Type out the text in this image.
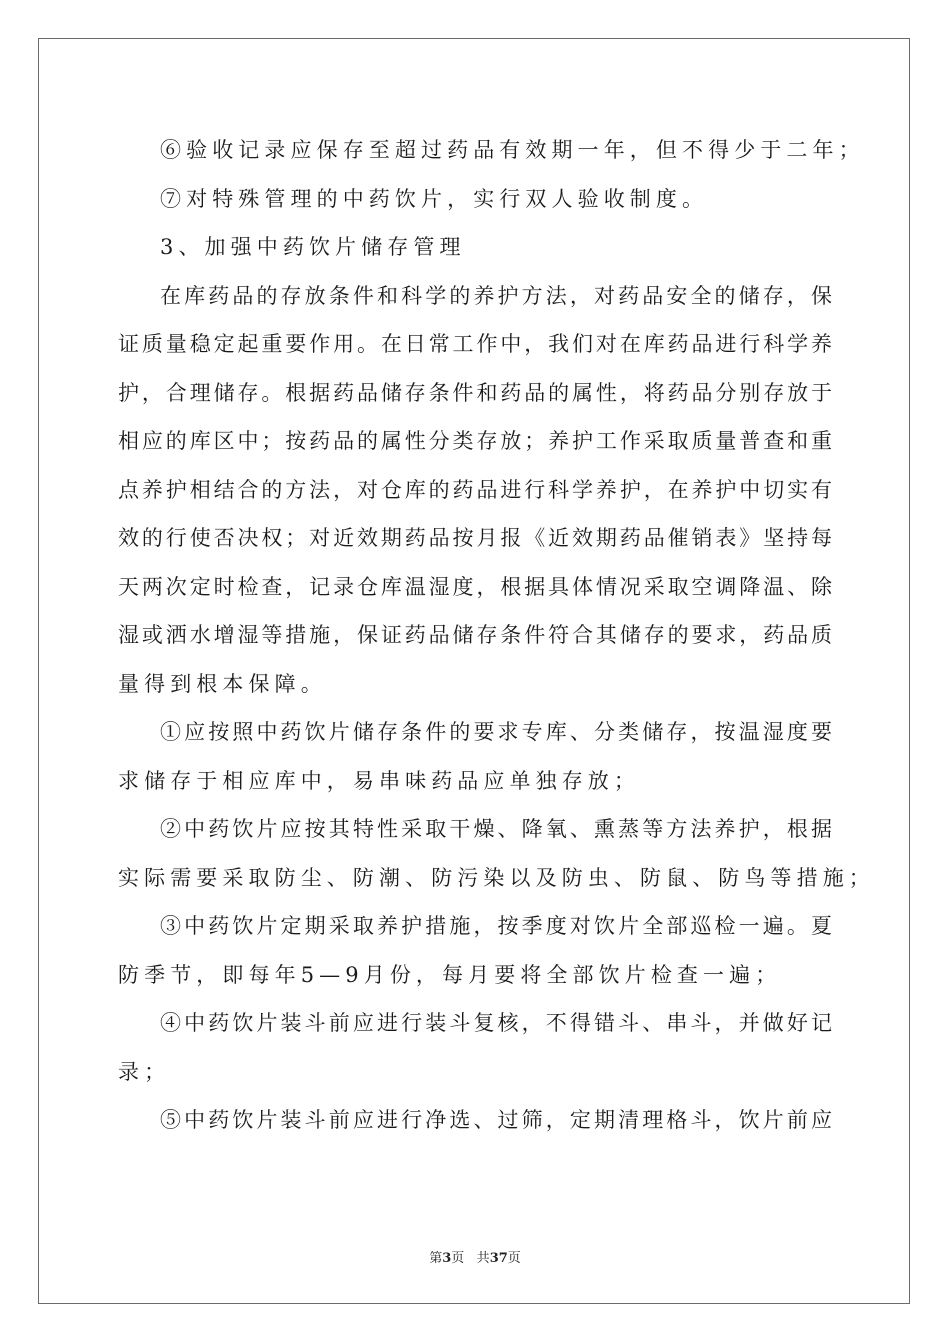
⑥验收记录应保存至超过药品有效期一年，但不得少于二年；
⑦对特殊管理的中药饮片，实行双人验收制度。
3、加强中药饮片储存管理
在库药品的存放条件和科学的养护方法，对药品安全的储存，保
证质量稳定起重要作用。在日常工作中，我们对在库药品进行科学养
护，合理储存。根据药品储存条件和药品的属性，将药品分别存放于
相应的库区中；按药品的属性分类存放；养护工作采取质量普查和重
点养护相结合的方法，对仓库的药品进行科学养护，在养护中切实有
效的行使否决权；对近效期药品按月报《近效期药品催销表》坚持每
天两次定时检查，记录仓库温湿度，根据具体情况采取空调降温、除
湿或洒水增湿等措施，保证药品储存条件符合其储存的要求，药品质
量得到根本保障。
①应按照中药饮片储存条件的要求专库、分类储存，按温湿度要
求储存于相应库中，易串味药品应单独存放；
②中药饮片应按其特性采取干燥、降氧、熏蒸等方法养护，根据
实际需要采取防尘、防潮、防污染以及防虫、防鼠、防鸟等措施；
③中药饮片定期采取养护措施，按季度对饮片全部巡检一遍。夏
防季节，即每年5—9月份，每月要将全部饮片检查一遍；
④中药饮片装斗前应进行装斗复核，不得错斗、串斗，并做好记
录；
⑤中药饮片装斗前应进行净选、过筛，定期清理格斗，饮片前应
第3页 共37页
